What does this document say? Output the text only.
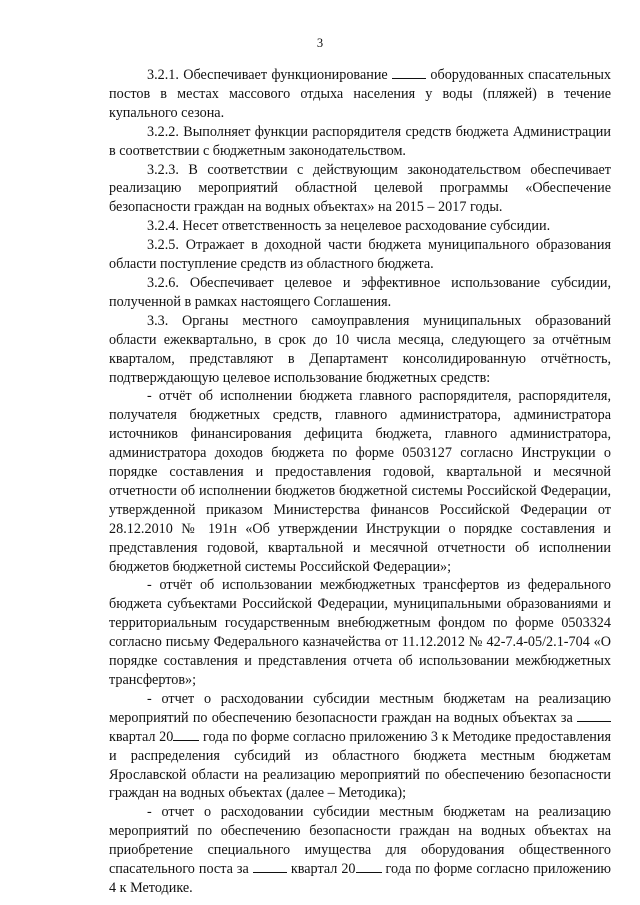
3

3.2.1. Обеспечивает функционирование  оборудованных спасательных постов в местах массового отдыха населения у воды (пляжей) в течение купального сезона.

3.2.2. Выполняет функции распорядителя средств бюджета Администрации в соответствии с бюджетным законодательством.

3.2.3. В соответствии с действующим законодательством обеспечивает реализацию мероприятий областной целевой программы «Обеспечение безопасности граждан на водных объектах» на 2015 – 2017 годы.

3.2.4. Несет ответственность за нецелевое расходование субсидии.

3.2.5. Отражает в доходной части бюджета муниципального образования области поступление средств из областного бюджета.

3.2.6. Обеспечивает целевое и эффективное использование субсидии, полученной в рамках настоящего Соглашения.

3.3. Органы местного самоуправления муниципальных образований области ежеквартально, в срок до 10 числа месяца, следующего за отчётным кварталом, представляют в Департамент консолидированную отчётность, подтверждающую целевое использование бюджетных средств:

- отчёт об исполнении бюджета главного распорядителя, распорядителя, получателя бюджетных средств, главного администратора, администратора источников финансирования дефицита бюджета, главного администратора, администратора доходов бюджета по форме 0503127 согласно Инструкции о порядке составления и предоставления годовой, квартальной и месячной отчетности об исполнении бюджетов бюджетной системы Российской Федерации, утвержденной приказом Министерства финансов Российской Федерации от 28.12.2010 № 191н «Об утверждении Инструкции о порядке составления и представления годовой, квартальной и месячной отчетности об исполнении бюджетов бюджетной системы Российской Федерации»;

- отчёт об использовании межбюджетных трансфертов из федерального бюджета субъектами Российской Федерации, муниципальными образованиями и территориальным государственным внебюджетным фондом по форме 0503324 согласно письму Федерального казначейства от 11.12.2012 № 42-7.4-05/2.1-704 «О порядке составления и представления отчета об использовании межбюджетных трансфертов»;

- отчет о расходовании субсидии местным бюджетам на реализацию мероприятий по обеспечению безопасности граждан на водных объектах за  квартал 20 года по форме согласно приложению 3 к Методике предоставления и распределения субсидий из областного бюджета местным бюджетам Ярославской области на реализацию мероприятий по обеспечению безопасности граждан на водных объектах (далее – Методика);

- отчет о расходовании субсидии местным бюджетам на реализацию мероприятий по обеспечению безопасности граждан на водных объектах на приобретение специального имущества для оборудования общественного спасательного поста за  квартал 20 года по форме согласно приложению 4 к Методике.
